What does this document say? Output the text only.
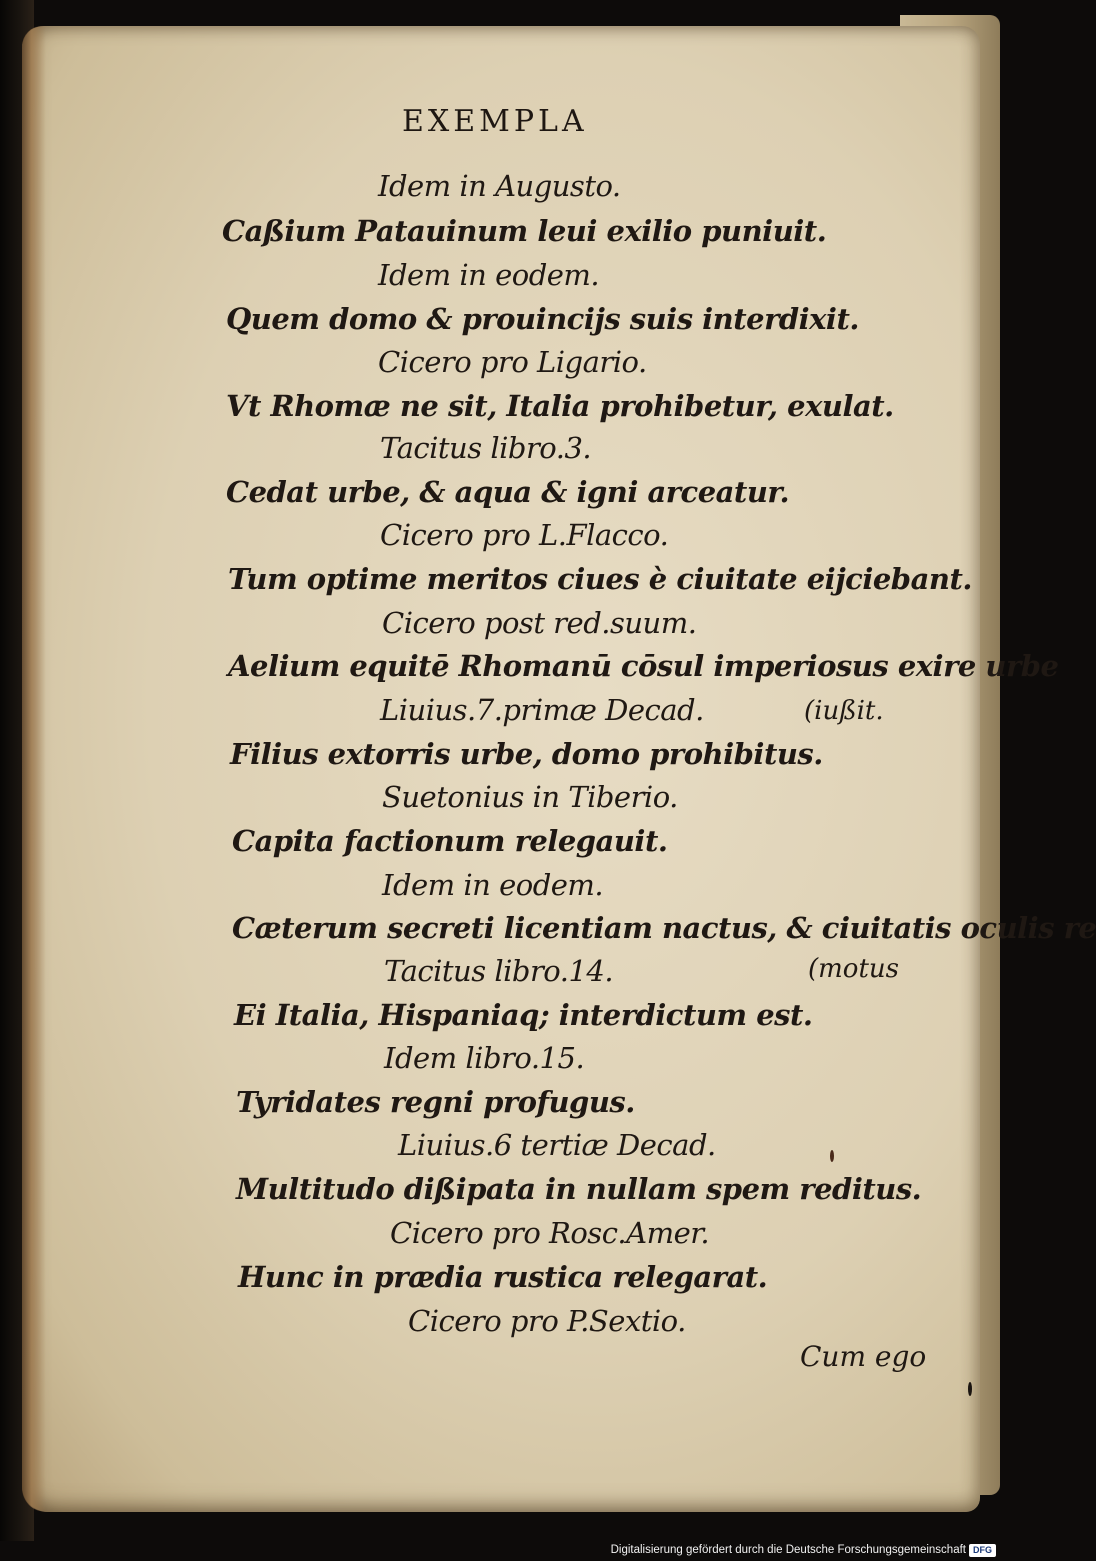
EXEMPLA
Idem in Augusto.
Caßium Patauinum leui exilio puniuit.
Idem in eodem.
Quem domo & prouincijs suis interdixit.
Cicero pro Ligario.
Vt Rhomæ ne sit, Italia prohibetur, exulat.
Tacitus libro.3.
Cedat urbe, & aqua & igni arceatur.
Cicero pro L.Flacco.
Tum optime meritos ciues è ciuitate eijciebant.
Cicero post red.suum.
Aelium equitē Rhomanū cōsul imperiosus exire urbe
Liuius.7.primæ Decad.
Filius extorris urbe, domo prohibitus.
Suetonius in Tiberio.
Capita factionum relegauit.
Idem in eodem.
Cæterum secreti licentiam nactus, & ciuitatis oculis re
Tacitus libro.14.
Ei Italia, Hispaniaq; interdictum est.
Idem libro.15.
Tyridates regni profugus.
Liuius.6 tertiæ Decad.
Multitudo dißipata in nullam spem reditus.
Cicero pro Rosc.Amer.
Hunc in prædia rustica relegarat.
Cicero pro P.Sextio.
(iußit.
(motus
Cum ego
Digitalisierung gefördert durch die Deutsche Forschungsgemeinschaft DFG
